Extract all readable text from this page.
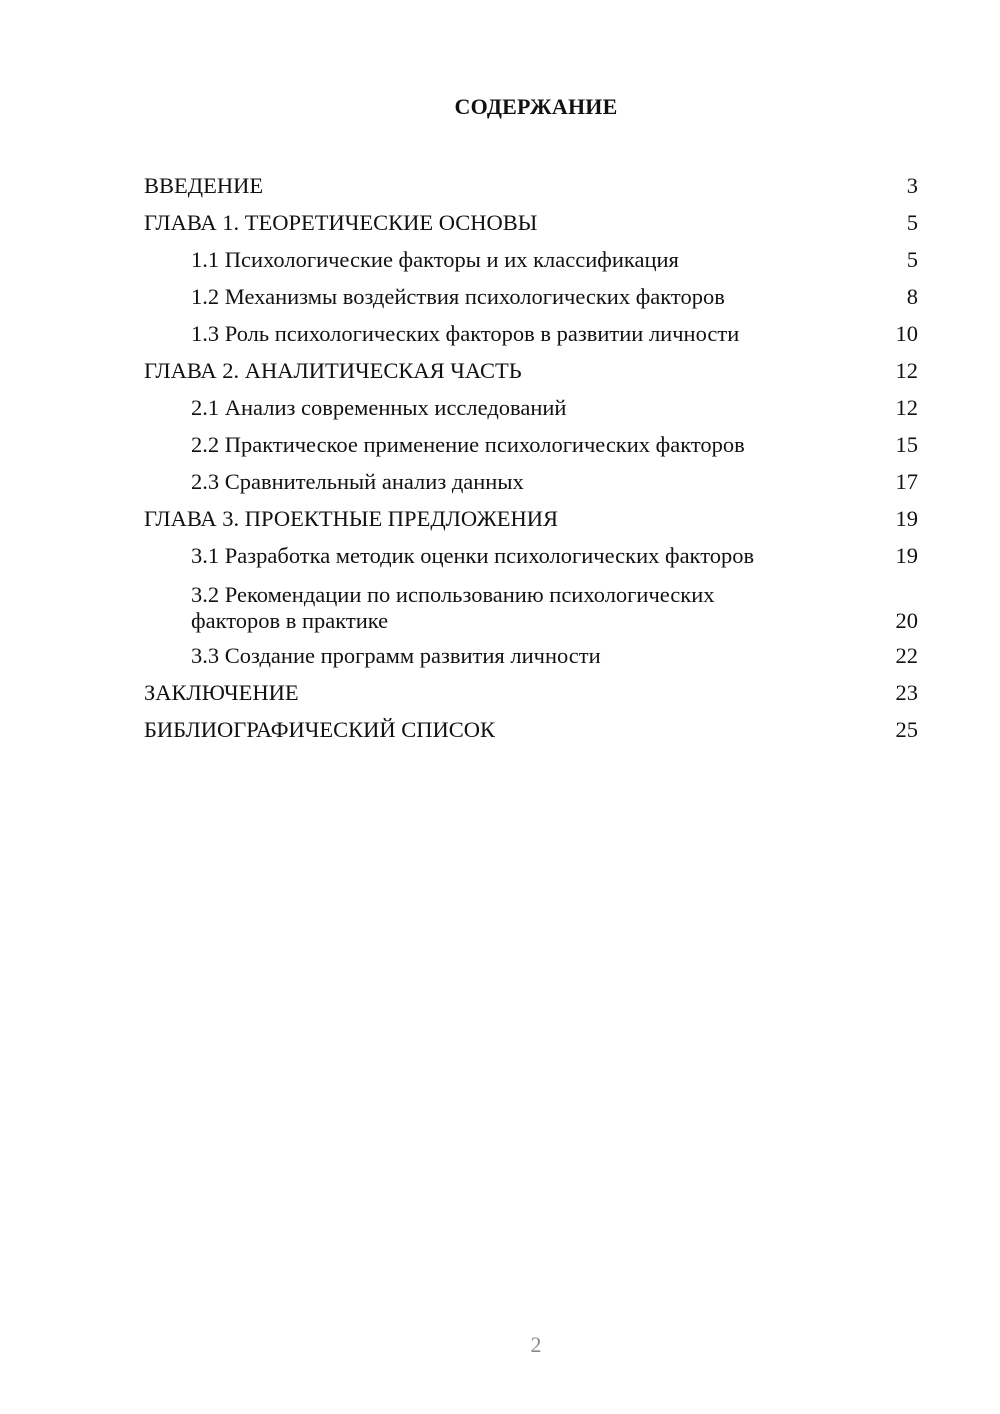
СОДЕРЖАНИЕ
ВВЕДЕНИЕ	3
ГЛАВА 1. ТЕОРЕТИЧЕСКИЕ ОСНОВЫ	5
1.1 Психологические факторы и их классификация	5
1.2 Механизмы воздействия психологических факторов	8
1.3 Роль психологических факторов в развитии личности	10
ГЛАВА 2. АНАЛИТИЧЕСКАЯ ЧАСТЬ	12
2.1 Анализ современных исследований	12
2.2 Практическое применение психологических факторов	15
2.3 Сравнительный анализ данных	17
ГЛАВА 3. ПРОЕКТНЫЕ ПРЕДЛОЖЕНИЯ	19
3.1 Разработка методик оценки психологических факторов	19
3.2 Рекомендации по использованию психологических факторов в практике	20
3.3 Создание программ развития личности	22
ЗАКЛЮЧЕНИЕ	23
БИБЛИОГРАФИЧЕСКИЙ СПИСОК	25
2
